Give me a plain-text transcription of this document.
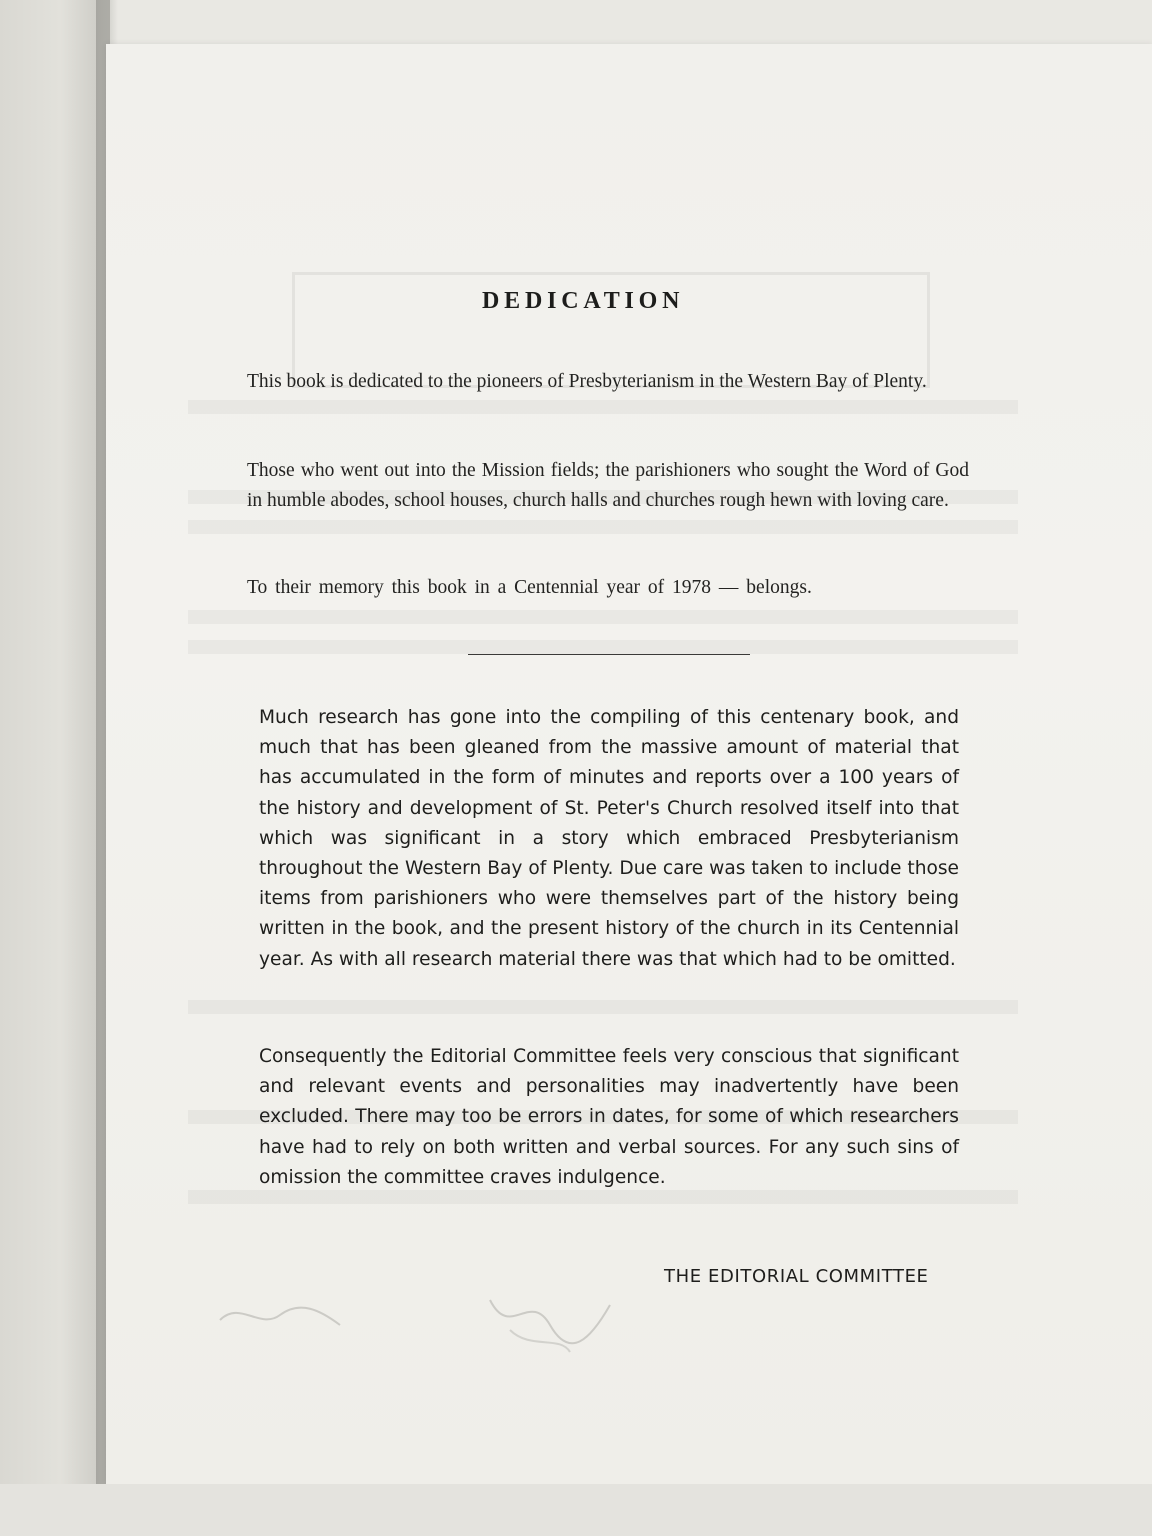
DEDICATION

This book is dedicated to the pioneers of Presbyterianism in the Western Bay of Plenty.

Those who went out into the Mission fields; the parishioners who sought the Word of God in humble abodes, school houses, church halls and churches rough hewn with loving care.

To their memory this book in a Centennial year of 1978 — belongs.

Much research has gone into the compiling of this centenary book, and much that has been gleaned from the massive amount of material that has accumulated in the form of minutes and reports over a 100 years of the history and development of St. Peter's Church resolved itself into that which was significant in a story which embraced Presbyterianism throughout the Western Bay of Plenty. Due care was taken to include those items from parishioners who were themselves part of the history being written in the book, and the present history of the church in its Centennial year. As with all research material there was that which had to be omitted.

Consequently the Editorial Committee feels very conscious that significant and relevant events and personalities may inadvertently have been excluded. There may too be errors in dates, for some of which researchers have had to rely on both written and verbal sources. For any such sins of omission the committee craves indulgence.

THE EDITORIAL COMMITTEE
